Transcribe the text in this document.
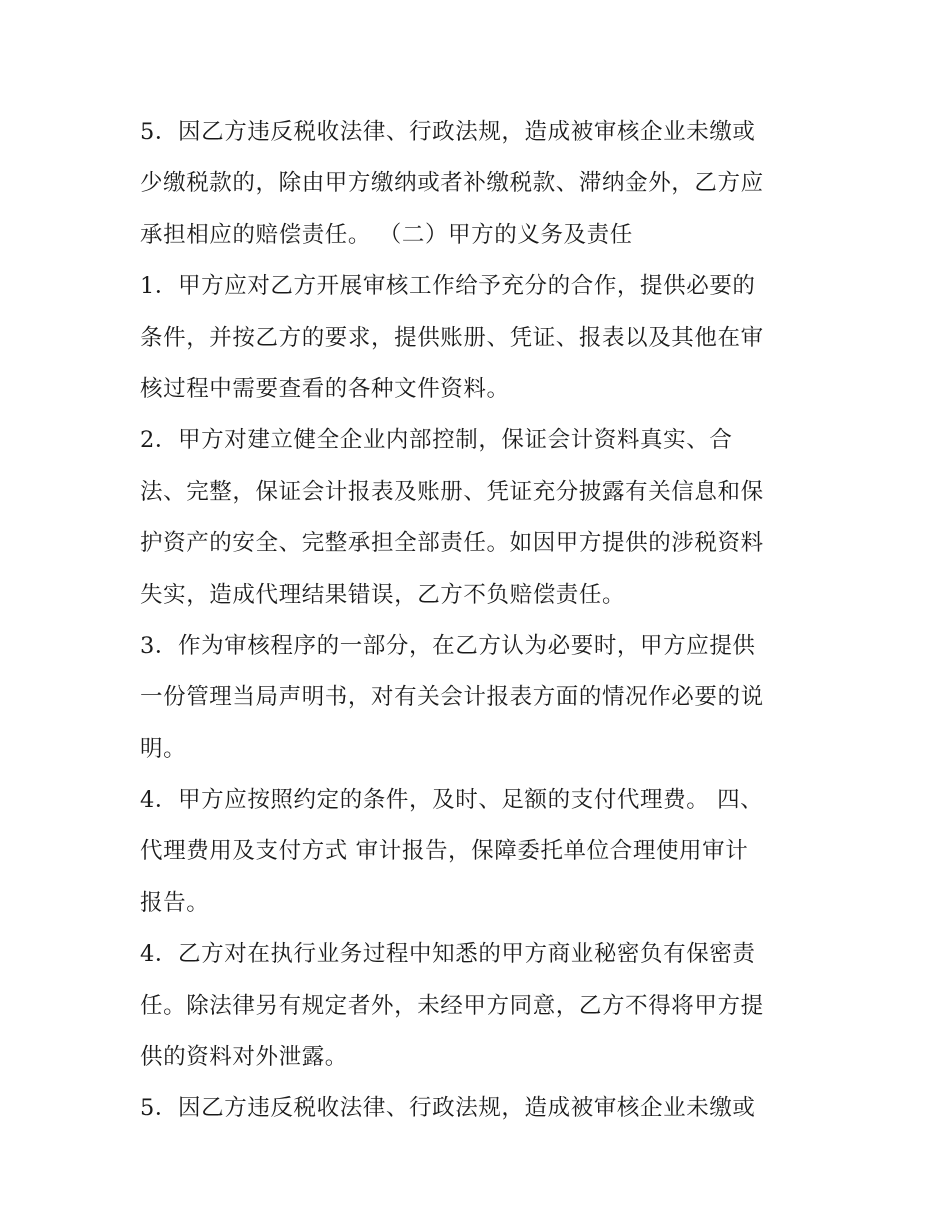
5．因乙方违反税收法律、行政法规，造成被审核企业未缴或
少缴税款的，除由甲方缴纳或者补缴税款、滞纳金外，乙方应
承担相应的赔偿责任。 （二）甲方的义务及责任
1．甲方应对乙方开展审核工作给予充分的合作，提供必要的
条件，并按乙方的要求，提供账册、凭证、报表以及其他在审
核过程中需要查看的各种文件资料。
2．甲方对建立健全企业内部控制，保证会计资料真实、合
法、完整，保证会计报表及账册、凭证充分披露有关信息和保
护资产的安全、完整承担全部责任。如因甲方提供的涉税资料
失实，造成代理结果错误，乙方不负赔偿责任。
3．作为审核程序的一部分，在乙方认为必要时，甲方应提供
一份管理当局声明书，对有关会计报表方面的情况作必要的说
明。
4．甲方应按照约定的条件，及时、足额的支付代理费。 四、
代理费用及支付方式 审计报告，保障委托单位合理使用审计
报告。
4．乙方对在执行业务过程中知悉的甲方商业秘密负有保密责
任。除法律另有规定者外，未经甲方同意，乙方不得将甲方提
供的资料对外泄露。
5．因乙方违反税收法律、行政法规，造成被审核企业未缴或
